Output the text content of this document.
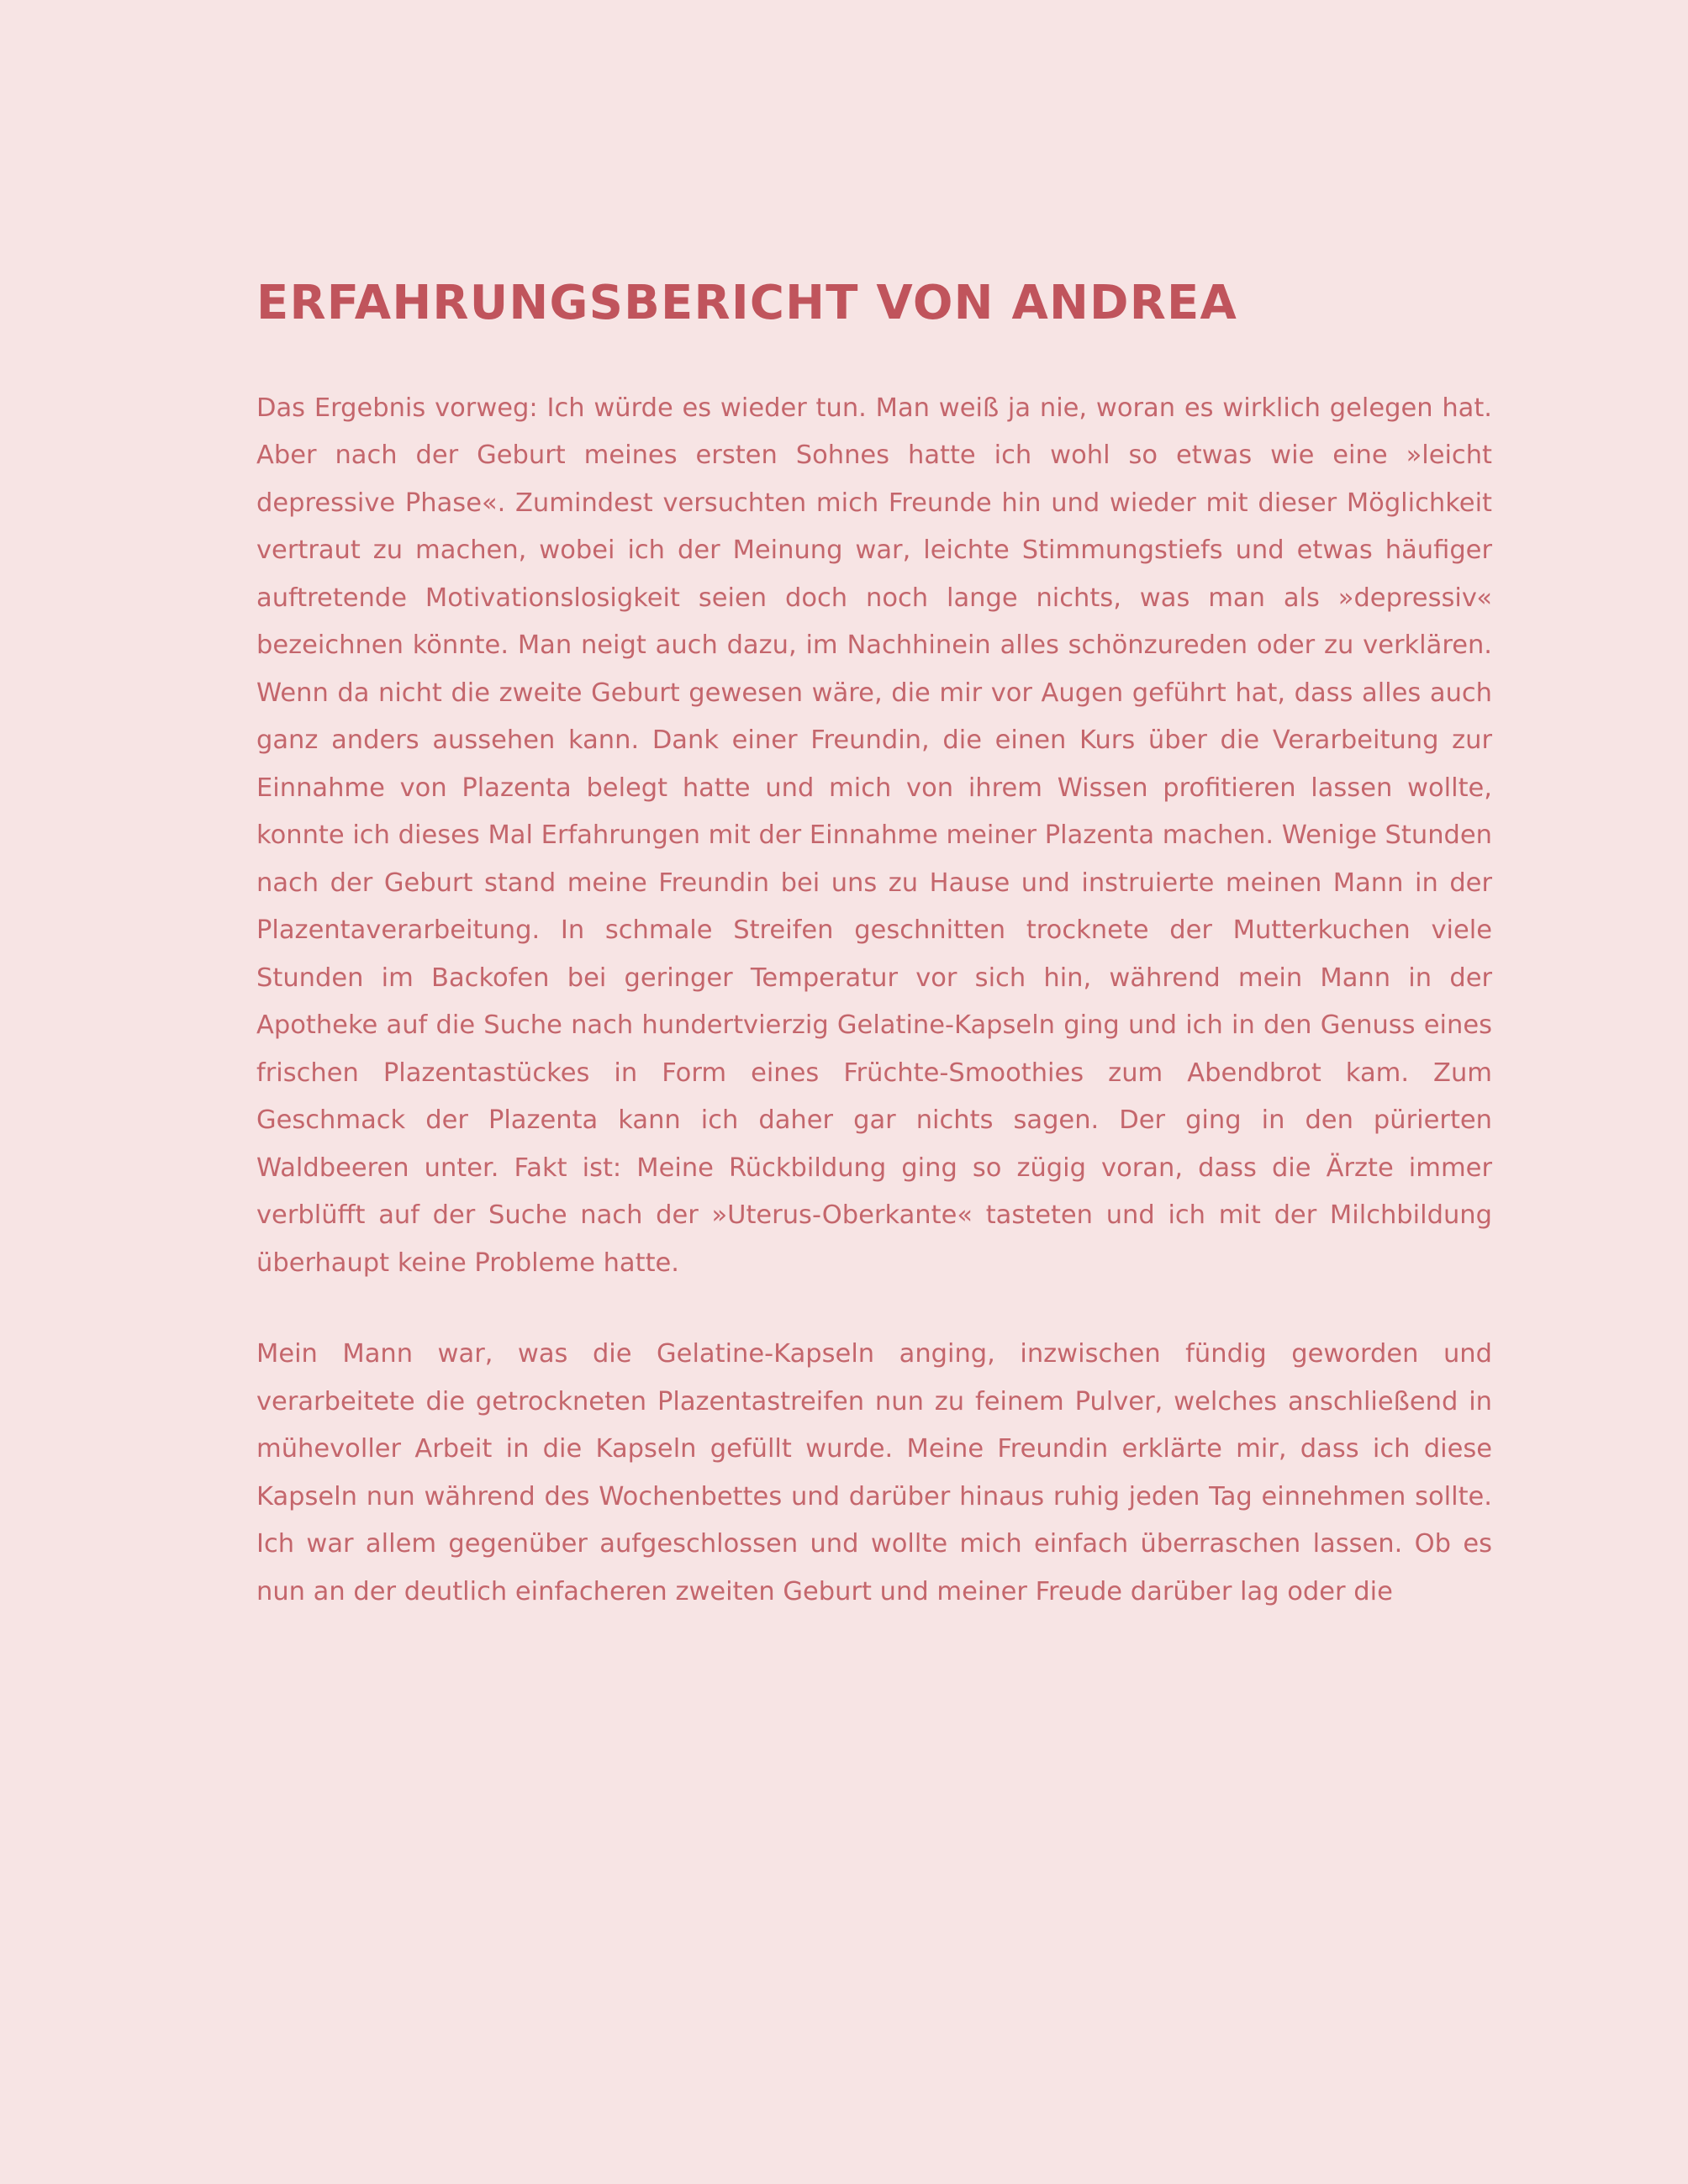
ERFAHRUNGSBERICHT VON ANDREA

Das Ergebnis vorweg: Ich würde es wieder tun. Man weiß ja nie, woran es wirklich gelegen hat. Aber nach der Geburt meines ersten Sohnes hatte ich wohl so etwas wie eine »leicht depressive Phase«. Zumindest versuchten mich Freunde hin und wieder mit dieser Möglichkeit vertraut zu machen, wobei ich der Meinung war, leichte Stimmungstiefs und etwas häufiger auftretende Motivationslosigkeit seien doch noch lange nichts, was man als »depressiv« bezeichnen könnte. Man neigt auch dazu, im Nachhinein alles schönzureden oder zu verklären. Wenn da nicht die zweite Geburt gewesen wäre, die mir vor Augen geführt hat, dass alles auch ganz anders aussehen kann. Dank einer Freundin, die einen Kurs über die Verarbeitung zur Einnahme von Plazenta belegt hatte und mich von ihrem Wissen profitieren lassen wollte, konnte ich dieses Mal Erfahrungen mit der Einnahme meiner Plazenta machen. Wenige Stunden nach der Geburt stand meine Freundin bei uns zu Hause und instruierte meinen Mann in der Plazentaverarbeitung. In schmale Streifen geschnitten trocknete der Mutterkuchen viele Stunden im Backofen bei geringer Temperatur vor sich hin, während mein Mann in der Apotheke auf die Suche nach hundertvierzig Gelatine-Kapseln ging und ich in den Genuss eines frischen Plazentastückes in Form eines Früchte-Smoothies zum Abendbrot kam. Zum Geschmack der Plazenta kann ich daher gar nichts sagen. Der ging in den pürierten Waldbeeren unter. Fakt ist: Meine Rückbildung ging so zügig voran, dass die Ärzte immer verblüfft auf der Suche nach der »Uterus-Oberkante« tasteten und ich mit der Milchbildung überhaupt keine Probleme hatte.

Mein Mann war, was die Gelatine-Kapseln anging, inzwischen fündig geworden und verarbeitete die getrockneten Plazentastreifen nun zu feinem Pulver, welches anschließend in mühevoller Arbeit in die Kapseln gefüllt wurde. Meine Freundin erklärte mir, dass ich diese Kapseln nun während des Wochenbettes und darüber hinaus ruhig jeden Tag einnehmen sollte. Ich war allem gegenüber aufgeschlossen und wollte mich einfach überraschen lassen. Ob es nun an der deutlich einfacheren zweiten Geburt und meiner Freude darüber lag oder die
